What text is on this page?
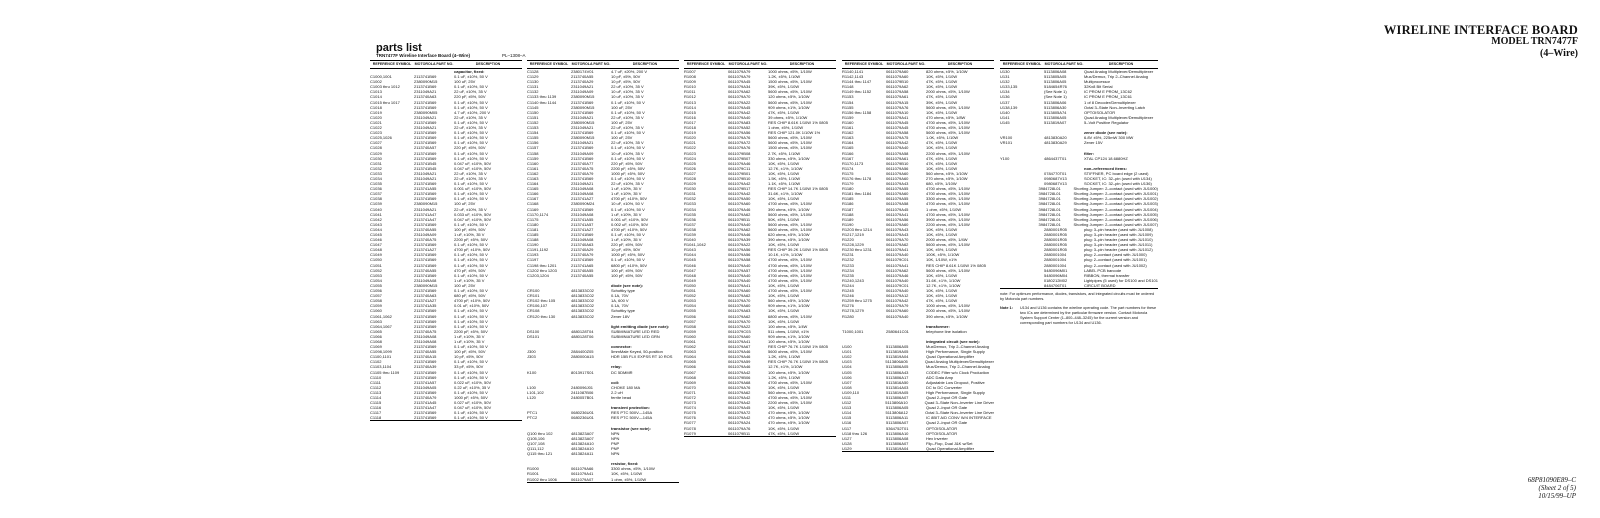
WIRELINE INTERFACE BOARD
MODEL TRN7477F
(4–Wire)
parts list
TRN7477F Wireline Interface Board (4–Wire)	PL–1308–A
REFERENCE SYMBOL MOTOROLA PART NO.	DESCRIPTION

capacitor, fixed:
C1000,1001	2113741B69	0.1 uF, ±10%, 50 V
C1002	2380090M15	100 uF, 25V
C1003 thru 1012	2113741B69	0.1 uF, ±10%, 50 V
C1013	2311049A21	22 uF, ±10%, 35 V
C1014	2113740A63	220 pF, ±5%, 50V
C1015 thru 1017	2113741B69	0.1 uF, ±10%, 50 V
C1018	2113741B69	0.1 uF, ±10%, 50 V
C1019	2380090M05	4.7 uF, ±10%, 200 V
C1020	2311049A21	22 uF, ±10%, 35 V
C1021	2113741B69	0.1 uF, ±10%, 50 V
C1022	2311049A21	22 uF, ±10%, 35 V
C1023	2113741B69	0.1 uF, ±10%, 50 V
C1025,1026	2113741B69	0.1 uF, ±10%, 50 V
C1027	2113741B69	0.1 uF, ±10%, 50 V
C1028	2113740A57	220 pF, ±5%, 50V
C1029	2113741B69	0.1 uF, ±10%, 50 V
C1030	2113741B69	0.1 uF, ±10%, 50 V
C1031	2113741B45	0.047 uF, ±10%, 50V
C1032	2113741B45	0.047 uF, ±10%, 50V
C1033	2311049A21	22 uF, ±10%, 35 V
C1034	2311049A21	22 uF, ±10%, 35 V
C1035	2113741B69	0.1 uF, ±10%, 50 V
C1036	2113741A55	0.001 uF, ±10%, 50V
C1037	2113741B69	0.1 uF, ±10%, 50 V
C1038	2113741B69	0.1 uF, ±10%, 50 V
C1039	2380090M15	100 uF, 25V
C1040	2311049A21	22 uF, ±10%, 35 V
C1041	2113741A47	0.033 uF, ±10%, 50V
C1042	2113741A47	0.047 uF, ±10%, 50V
C1043	2113741B69	0.1 uF, ±10%, 50 V
C1044	2113740A55	100 pF, ±5%, 50V
C1045	2311049A09	1 uF, ±10%, 35 V
C1046	2113740A75	2200 pF, ±5%, 50V
C1047	2113741B69	0.1 uF, ±10%, 50 V
C1048	2113741A27	4700 pF, ±10%, 50V
C1049	2113741B69	0.1 uF, ±10%, 50 V
C1050	2113741B69	0.1 uF, ±10%, 50 V
C1051	2113741B69	0.1 uF, ±10%, 50 V
C1052	2113740A55	470 pF, ±5%, 50V
C1053	2113741B69	0.1 uF, ±10%, 50 V
C1054	2311049A08	1 uF, ±10%, 35 V
C1055	2380090M15	100 uF, 25V
C1056	2113741B69	0.1 uF, ±10%, 50 V
C1057	2113740A63	680 pF, ±5%, 50V
C1058	2113741A27	4700 pF, ±10%, 50V
C1059	2113741A35	0.01 uF, ±10%, 50V
C1060	2113741B69	0.1 uF, ±10%, 50 V
C1061,1062	2113741B69	0.1 uF, ±10%, 50 V
C1063	2113741B69	0.1 uF, ±10%, 50 V
C1064,1067	2113741B69	0.1 uF, ±10%, 50 V
C1065	2113740A75	2200 pF, ±5%, 50V
C1066	2311049A08	1 uF, ±10%, 35 V
C1068	2311049A08	1 uF, ±10%, 35 V
C1069	2113741B69	0.1 uF, ±10%, 50 V
C1098,1099	2113740A55	100 pF, ±5%, 50V
C1100,1101	2113740A15	10 pF, ±5%, 50V
C1102	2113741B69	0.1 uF, ±10%, 50 V
C1103,1104	2113740A39	33 pF, ±5%, 50V
C1105 thru 1109	2113741B69	0.1 uF, ±10%, 50 V
C1110	2113741B69	0.1 uF, ±10%, 50 V
C1111	2113741A57	0.022 uF, ±10%, 50V
C1112	2311049A05	0.22 uF, ±10%, 35 V
C1113	2113741B69	0.1 uF, ±10%, 50 V
C1114	2113740A79	1000 pF, ±5%, 50V
C1115	2113741A45	0.027 uF, ±10%, 50V
C1116	2113741A47	0.047 uF, ±10%, 50V
C1117	2113741B69	0.1 uF, ±10%, 50 V
C1118	2113741B69	0.1 uF, ±10%, 50 V
REFERENCE SYMBOL MOTOROLA PART NO.	DESCRIPTION
C1128	2380174V01	4.7 uF, ±20%, 200 V
C1129	2113740A55	10 pF, ±5%, 50V
C1130	2113740A29	10 pF, ±5%, 50V
C1131	2311049A21	22 uF, ±10%, 35 V
C1132	2311049A09	10 uF, ±10%, 35 V
C1133 thru 1139	2380090M15	10 uF, ±10%, 35 V
C1140 thru 1144	2113741B69	0.1 uF, ±10%, 50 V
C1145	2380090M15	100 uF, 25V
C1150	2113741B69	0.1 uF, ±10%, 50 V
C1151	2311049A21	22 uF, ±10%, 35 V
C1152	2380090M15	100 uF, 25V
C1153	2311049A21	22 uF, ±10%, 35 V
C1154	2113741B69	0.1 uF, ±10%, 50 V
C1155	2380090M15	100 uF, 25V
C1156	2311049A21	22 uF, ±10%, 35 V
C1157	2113741B69	0.1 uF, ±10%, 50 V
C1158	2311049A09	10 uF, ±10%, 35 V
C1159	2113741B69	0.1 uF, ±10%, 50 V
C1160	2113740A77	220 pF, ±5%, 50V
C1161	2113740A75	2200 pF, ±5%, 50V
C1162	2113740A79	1000 pF, ±5%, 50V
C1163	2113741B69	0.1 uF, ±10%, 50 V
C1164	2311049A21	22 uF, ±10%, 35 V
C1165	2311049A08	1 uF, ±10%, 35 V
C1166	2311049A08	1 uF, ±10%, 35 V
C1167	2113741A27	4700 pF, ±10%, 50V
C1168	2380090M24	10 uF, ±10%, 50 V
C1169	2113741B69	0.1 uF, ±10%, 50 V
C1170,1174	2311049A08	1 uF, ±10%, 35 V
C1175	2113741A55	0.001 uF, ±10%, 50V
C1180	2113741A57	0.002 uF, ±10%, 50V
C1181	2113741A27	4700 pF, ±10%, 50V
C1185	2113741B69	0.1 uF, ±10%, 50 V
C1188	2311049A08	1 uF, ±10%, 35 V
C1190	2113740A63	220 pF, ±5%, 50V
C1191,1192	2113740A29	10 pF, ±5%, 50V
C1193	2113740A79	1000 pF, ±5%, 50V
C1197	2113741B69	0.1 uF, ±10%, 50 V
C1198 thru 1201	2113741A65	6800 pF, ±10%, 50V
C1202 thru 1203	2113740A55	100 pF, ±5%, 50V
C1203,1204	2113740A55	100 pF, ±5%, 50V

diode (see note):
CR100	4813833C02	Schottky type
CR101	4813833C02	0.1A, 70V
CR102 thru 105	4813833C02	1A, 600 V
CR106,107	4813833C02	0.1A, 70V
CR108	4813833C02	Schottky type
CR120 thru 130	4813833C02	Zener 18V

light emitting diode (see note):
DS100	4880128T04	SUBMINIATURE LED RED
DS101	4880128T06	SUBMINIATURE LED GRN

connector:
J300	2884400Z05	5mmMale Keyed, 50-position
J303	2880000A15	HDR 15B FLX EXPSS RT 10 ROS

relay:
K100	8013917S01	DC 5DMMR

coil:
L100	2480096J01	CHOKE 180 MA
L101,102	2411087B06	2.2 uH
L120	2480057B01	ferrite bead

transient protection:
PTC1	0680236U01	RES PTC 500V—145A
PTC2	0680236U01	RES PTC 500V—145A

transistor (see note):
Q100 thru 102	4813823A07	NPN
Q105,106	4813823A07	NPN
Q107,108	4813824A10	PNP
Q111,112	4813824A10	PNP
Q115 thru 121	4813824A11	NPN

resistor, fixed:
R1000	0611079A66	3300 ohms, ±5%, 1/10W
R1001	0611079A41	10K, ±5%, 1/10W
R1002 thru 1006	0611079A07	1 ohm, ±5%, 1/10W
REFERENCE SYMBOL MOTOROLA PART NO.	DESCRIPTION
R1007	0611079A79	1000 ohms, ±5%, 1/10W
R1008	0611079A79	1.2K, ±5%, 1/10W
R1009	0611079A45	1500 ohms, ±5%, 1/10W
R1010	0611079A34	39K, ±5%, 1/10W
R1011	0611079A62	5600 ohms, ±5%, 1/10W
R1012	0611079A70	120 ohms, ±5%, 1/10W
R1013	0611079A22	5600 ohms, ±5%, 1/10W
R1014	0611079A45	909 ohms, ±1%, 1/10W
R1015	0611079A42	47K, ±5%, 1/10W
R1016	0611079A40	39 ohms, ±5%, 1/10W
R1017	0611079A83	RES CHIP 8.61K 1/10W 1% 0805
R1018	0611079A52	1 ohm, ±5%, 1/10W
R1019	0611079A56	RES CHIP 121.0K 1/10W 1%
R1020	0611079A76	5600 ohms, ±5%, 1/10W
R1021	0611079A72	5600 ohms, ±5%, 1/10W
R1022	0611079A76	1500 ohms, ±5%, 1/10W
R1023	0611079B08	2.7K, ±5%, 1/10W
R1024	0611079B07	330 ohms, ±5%, 1/10W
R1025	0611079A46	10K, ±5%, 1/10W
R1026	0611079C11	12.7K, ±1%, 1/10W
R1027	0611079B01	10K, ±5%, 1/10W
R1028	0611079B10	1.5K, ±5%, 1/10W
R1029	0611079A42	1.1K, ±5%, 1/10W
R1030	0611079B17	RES CHIP 14.7K 1/10W 1% 0805
R1031	0611079A42	31.6K, ±1%, 1/10W
R1032	0611079A50	10K, ±5%, 1/10W
R1033	0611079A60	4700 ohms, ±5%, 1/10W
R1034	0611079A46	390 ohms, ±5%, 1/10W
R1035	0611079A62	5600 ohms, ±5%, 1/10W
R1036	0611079B11	50K, ±5%, 1/10W
R1037	0611079A40	5600 ohms, ±5%, 1/10W
R1038	0611079A62	5600 ohms, ±5%, 1/10W
R1039	0611079A46	620 ohms, ±5%, 1/10W
R1040	0611079A39	390 ohms, ±5%, 1/10W
R1041,1042	0611079A22	10K, ±5%, 1/10W
R1043	0611079A56	RES CHIP 39.2K 1/10W 1% 0805
R1044	0611079A56	10.1K, ±1%, 1/10W
R1045	0611079A58	4700 ohms, ±5%, 1/10W
R1046	0611079A40	4700 ohms, ±5%, 1/10W
R1047	0611079A57	4700 ohms, ±5%, 1/10W
R1048	0611079A40	4700 ohms, ±5%, 1/10W
R1049	0611079A40	4700 ohms, ±5%, 1/10W
R1050	0611079A41	10K, ±5%, 1/10W
R1051	0611079A60	4700 ohms, ±5%, 1/10W
R1052	0611079A62	10K, ±5%, 1/10W
R1053	0611079A70	560 ohms, ±5%, 1/10W
R1054	0611079A60	909 ohms, ±1%, 1/10W
R1055	0611079A63	10K, ±5%, 1/10W
R1056	0611079A62	6800 ohms, ±5%, 1/10W
R1057	0611079A70	10K, ±5%, 1/10W
R1058	0611079A22	100 ohms, ±5%, 1/4W
R1059	0611079C03	511 ohms, 1/10W, ±1%
R1060	0611079A60	909 ohms, ±1%, 1/10W
R1061	0611079A41	100 ohms, ±5%, 1/10W
R1062	0611079A67	RES CHIP 76.7K 1/10W 1% 0805
R1063	0611079A46	5600 ohms, ±5%, 1/10W
R1064	0611079A46	1.2K, ±5%, 1/10W
R1065	0611079A59	RES CHIP 76.7K 1/10W 1% 0805
R1066	0611079A46	12.7K, ±1%, 1/10W
R1067	0611079A42	100 ohms, ±5%, 1/10W
R1068	0611079B06	1.2K, ±5%, 1/10W
R1069	0611079A68	4700 ohms, ±5%, 1/10W
R1070	0611079A76	10K, ±5%, 1/10W
R1071	0611079A62	560 ohms, ±5%, 1/10W
R1072	0611079A42	4700 ohms, ±5%, 1/10W
R1073	0611079A42	2200 ohms, ±5%, 1/10W
R1074	0611079A45	10K, ±5%, 1/10W
R1075	0611079A72	470 ohms, ±5%, 1/10W
R1076	0611079A42	470 ohms, ±5%, 1/10W
R1077	0611079A24	470 ohms, ±5%, 1/10W
R1078	0611079A76	10K, ±5%, 1/10W
R1079	0611079B11	47K, ±5%, 1/10W
REFERENCE SYMBOL MOTOROLA PART NO.	DESCRIPTION
R1140,1141	0611079A60	820 ohms, ±5%, 1/10W
R1142,1143	0611079A60	10K, ±5%, 1/10W
R1144 thru 1147	0611079B10	47K, ±5%, 1/10W
R1148	0611079A62	10K, ±5%, 1/10W
R1149 thru 1152	0611079A58	2000 ohms, ±5%, 1/10W
R1153	0611079A61	47K, ±5%, 1/10W
R1154	0611079A15	39K, ±5%, 1/10W
R1155	0611079A76	5600 ohms, ±5%, 1/10W
R1156 thru 1158	0611079A10	10K, ±5%, 1/10W
R1159	0611079A41	470 ohms, ±5%, 1/8W
R1160	0611079A45	4700 ohms, ±5%, 1/10W
R1161	0611079A45	4700 ohms, ±5%, 1/10W
R1162	0611079A58	5600 ohms, ±5%, 1/10W
R1163	0611079A75	1.0K, ±5%, 1/10W
R1164	0611079A42	47K, ±5%, 1/10W
R1165	0611079A40	10K, ±5%, 1/10W
R1166	0611079A58	2200 ohms, ±5%, 1/10W
R1167	0611079A61	47K, ±5%, 1/10W
R1170,1173	0611079B10	47K, ±5%, 1/10W
R1174	0611079A56	10K, ±5%, 1/10W
R1175	0611079A60	560 ohms, ±5%, 1/10W
R1176 thru 1178	0611079A60	270 ohms, ±5%, 1/10W
R1179	0611079A43	680, ±5%, 1/10W
R1180	0611079A55	4700 ohms, ±5%, 1/10W
R1181 thru 1184	0611079A60	4700 ohms, ±5%, 1/10W
R1185	0611079A55	3300 ohms, ±5%, 1/10W
R1186	0611079A58	4700 ohms, ±5%, 1/10W
R1187	0611079A45	1 ohm, ±5%, 1/10W
R1188	0611079A41	4700 ohms, ±5%, 1/10W
R1189	0611079A56	3900 ohms, ±5%, 1/10W
R1190	0611079A60	2200 ohms, ±5%, 1/10W
R1203 thru 1214	0611079A43	10K, ±5%, 1/10W
R1217,1219	0611079A43	10K, ±5%, 1/10W
R1220	0611079A70	2000 ohms, ±5%, 1/4W
R1228,1229	0611079A62	5600 ohms, ±5%, 1/10W
R1230 thru 1231	0611079A41	10K, ±5%, 1/10W
R1231	0611079A40	100K, ±5%, 1/10W
R1232	0611079C01	10K, 1/10W, ±1%
R1233	0611079A41	RES CHIP 8.61K 1/10W 1% 0805
R1234	0611079A62	5600 ohms, ±5%, 1/10W
R1235	0611079A46	10K, ±5%, 1/10W
R1240,1243	0611079A40	31.6K, ±1%, 1/10W
R1244	0611079C01	12.7K, ±1%, 1/10W
R1245	0611079A40	10K, ±5%, 1/10W
R1246	0611079A12	10K, ±5%, 1/10W
R1259 thru 1275	0611079A42	47K, ±5%, 1/10W
R1276	0611079A79	1000 ohms, ±5%, 1/10W
R1278,1279	0611079A60	2000 ohms, ±5%, 1/10W
R1280	0611079A40	390 ohms, ±5%, 1/10W

transformer:
T1000,1001	2580641C01	telephone line isolation

integrated circuit (see note):
U100	5113806A05	MuxDemux, Trip 2–Channel Analog
U101	5113819A05	High Performance, Single Supply
U102	5113819A04	Quad Operational Amplifier
U103	5113806A05	Quad Analog Multiplexer/Demultiplexer
U104	5113806A05	Mux/Demux, Trip 2–Channel Analog
U105	5113806A43	CODEC Filter w/o Clock Production
U106	5113806A17	ADC Data Amp
U107	5113816A50	Adjustable Low Dropout, Positive
U108	5113814A03	DC to DC Converter
U109,110	5113819A05	High Performance, Single Supply
U111	5113806A07	Quad 2–Input OR Gate
U112	5113806A10	Quad 3–State Non–Inverter Line Driver
U113	5113806A05	Quad 2–Input OR Gate
U114	5113806A12	Octal 3–State Non–Inverter Line Driver
U115	5113806A11	IC 8BIT A/D CONV W/4 INTERFACE
U116	5113806A07	Quad 2–Input OR Gate
U117	5364752T01	OPTOISOLATOR
U118 thru 126	5113806A10	OPTOISOLATOR
U127	5113806A08	Hex Inverter
U128	5113806A07	Flip–Flop, Dual J&K w/Set
U129	5113819A04	Quad Operational Amplifier
REFERENCE SYMBOL MOTOROLA PART NO.	DESCRIPTION
U130	5113806A08	Quad Analog Multiplexer/Demultiplexer
U131	5113805A05	Mux/Demux, Trip 2–Channel Analog
U132	5113806A05	Multiprocessor
U133,135	5184654R76	32Kx8 Bit Serial
U134	(See Note 1)	IC PROM E PROM_13C62
U136	(See Note 1)	IC PROM E PROM_13C61
U137	5113806A06	1 of 8 Decoder/Demultiplexer
U138,139	5113806A30	Octal 3–State Non–Inverting Latch
U140	5113805A74	OPTOISOLATOR
U141	5113806A05	Quad Analog Multiplexer/Demultiplexer
U145	5113819A07	5–Volt Positive Regulator

zener diode (see note):
VR100	4813830A20	6.8V ±5%, 225mW 300 MW
VR101	4813830A29	Zener 15V

filter:
Y100	4864437T01	XTAL CP124 18.6880HZ

non–referenced items:

0784770T01	STIFFNER, PC board edge (2 used)

0980687V13	SOCKET, IC: 32–pin (used with U134)

0980687V13	SOCKET, IC: 32–pin (used with U136)

3984728L01	Shorting Jumper: 2–contact (used with JU1000)

3984728L01	Shorting Jumper: 2–contact (used with JU1001)

3984728L01	Shorting Jumper: 2–contact (used with JU1002)

3984728L01	Shorting Jumper: 2–contact (used with JU1003)

3984728L01	Shorting Jumper: 2–contact (used with JU1004)

3984728L01	Shorting Jumper: 2–contact (used with JU1005)

3984728L01	Shorting Jumper: 2–contact (used with JU1006)

3984728L01	Shorting Jumper: 2–contact (used with JU1007)

2880001R05	plug: 3–pin header (used with JU1008)

2880001R05	plug: 3–pin header (used with JU1009)

2880001R05	plug: 3–pin header (used with JU1010)

2880001R05	plug: 3–pin header (used with JU1011)

2880001R05	plug: 3–pin header (used with JU1012)

2880001004	plug: 2–contact (used with JU1000)

2880001004	plug: 2–contact (used with JU1001)

2880001004	plug: 2–contact (used with JU1002)

5480096M01	LABEL PCB barcode

5480096M04	RIBBON, thermal transfer

0180212M02	Lightpipes (5 used) for DS100 and DS101

8484706T01	CIRCUIT BOARD
note: For optimum performance, diodes, transistors, and integrated circuits must be ordered by Motorola part numbers.
Note 1:	U134 and U136 contains the wireline operating code. The part numbers for these two ICs are determined by the particular firmware version. Contact Motorola System Support Center (1–800–448–3245) for the current version and corresponding part numbers for U134 and U136.
68P81090E89–C
(Sheet 2 of 5)
10/15/99–UP
